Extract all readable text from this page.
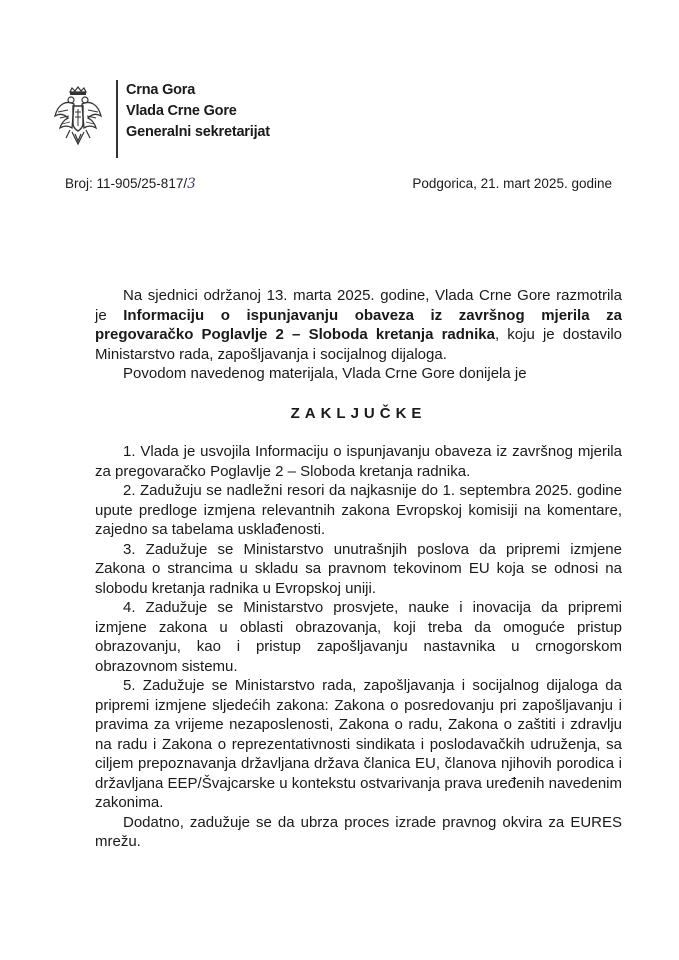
Crna Gora
Vlada Crne Gore
Generalni sekretarijat
Broj: 11-905/25-817/3	Podgorica, 21. mart 2025. godine

Na sjednici održanoj 13. marta 2025. godine, Vlada Crne Gore razmotrila je Informaciju o ispunjavanju obaveza iz završnog mjerila za pregovaračko Poglavlje 2 – Sloboda kretanja radnika, koju je dostavilo Ministarstvo rada, zapošljavanja i socijalnog dijaloga.

Povodom navedenog materijala, Vlada Crne Gore donijela je

ZAKLJUČKE

1. Vlada je usvojila Informaciju o ispunjavanju obaveza iz završnog mjerila za pregovaračko Poglavlje 2 – Sloboda kretanja radnika.

2. Zadužuju se nadležni resori da najkasnije do 1. septembra 2025. godine upute predloge izmjena relevantnih zakona Evropskoj komisiji na komentare, zajedno sa tabelama usklađenosti.

3. Zadužuje se Ministarstvo unutrašnjih poslova da pripremi izmjene Zakona o strancima u skladu sa pravnom tekovinom EU koja se odnosi na slobodu kretanja radnika u Evropskoj uniji.

4. Zadužuje se Ministarstvo prosvjete, nauke i inovacija da pripremi izmjene zakona u oblasti obrazovanja, koji treba da omoguće pristup obrazovanju, kao i pristup zapošljavanju nastavnika u crnogorskom obrazovnom sistemu.

5. Zadužuje se Ministarstvo rada, zapošljavanja i socijalnog dijaloga da pripremi izmjene sljedećih zakona: Zakona o posredovanju pri zapošljavanju i pravima za vrijeme nezaposlenosti, Zakona o radu, Zakona o zaštiti i zdravlju na radu i Zakona o reprezentativnosti sindikata i poslodavačkih udruženja, sa ciljem prepoznavanja državljana država članica EU, članova njihovih porodica i državljana EEP/Švajcarske u kontekstu ostvarivanja prava uređenih navedenim zakonima.

Dodatno, zadužuje se da ubrza proces izrade pravnog okvira za EURES mrežu.
